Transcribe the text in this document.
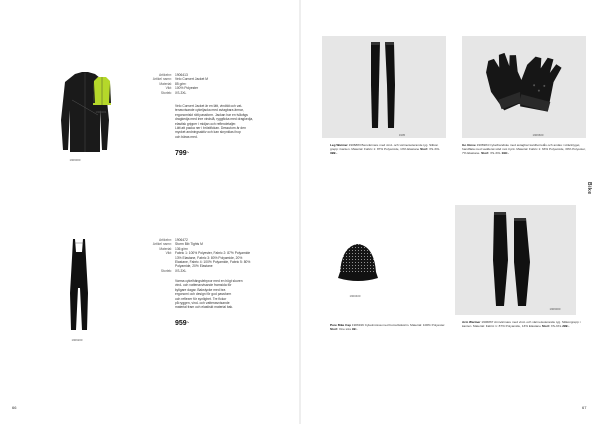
1906000
1906001
Artikelnr:
Artikel namn:
Material:
Vikt:
Storlek:
1906413
Velo Convert Jacket M
85 g/m²
100% Polyester
XS-3XL
Velo Convert Jacket är en lätt, vindtät och vat-
tenavvisande cykeljacka med avtagbara ärmar,
ergonomiskt rätt passform. Jackan har en tvåvägs
dragkedja med inre vindslå, ryggficka med dragkedja,
elastisk gripper i midjan och reflexdetaljer.
Lätt att packa ner i bröstfickan. Dessutom är den
mycket andningsaktiv och kan skrynklas ihop
och bäras med.
799:-
1906200
Artikelnr:
Artikel namn:
Material:
Vikt:

Storlek:
1906472
Storm Bib Tights M
136 g/m²
Fabric 1: 100% Polyester, Fabric 2: 87% Polyamide
13% Elastane, Fabric 3: 80% Polyamide, 20%
Elastane, Fabric 4: 100% Polyamide, Fabric 5: 80%
Polyamide, 20% Elastane
XS-3XL
Varma cykelhängslebyxor med en högt skuren
vind- och vattenavvisande framsida för
kyligare dagar. Bakstycke med bra
ergonomi och design för god passform
och reflexer för synlighet. Tre fickor
på ryggen, vind- och vattenavvisande
material fram och elastiskt material bak.
959:-
66
1905
Leg Warmer 1906883 Benvärmare med vind- och värmeisolerande tyg. Silikon grepp i kanten. Material: Fabric 1: 87% Polyamide, 13% Elastane Storl: XS-3XL 399:-
1906600
Go Glove 1906984 Cykelhandske med avtagbar kardborrelås och andas i sträcktyget, handflata med vadderat stöd mot tryck. Material: Fabric 1: 63% Polyamide, 30% Polyester, 7% Elastane. Storl: XS-3XL 199:-
Bike
1900400
Pure Bike Cap 1906916 Cykelmössa med bomullsskärm. Material: 100% Polyester. Storl: One size 99:-
1906000
Arm Warmer 1906867 Armvärmare med vind- och värmeisolerande tyg. Silikongrepp i kanten. Material: Fabric 1: 87% Polyamide, 13% Elastane Storl: XS-3XL 299:-
67
